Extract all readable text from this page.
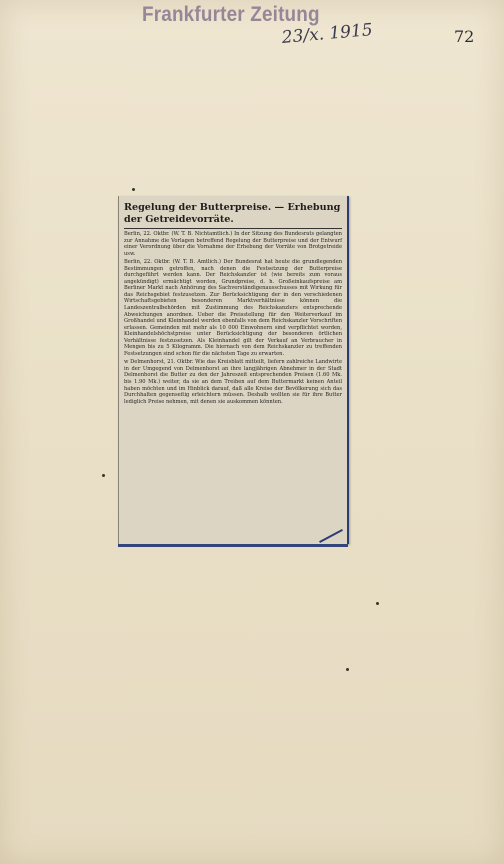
Frankfurter Zeitung
23/x. 1915	72
Regelung der Butterpreise. — Erhebung der Getreidevorräte.

Berlin, 22. Oktbr. (W. T. B. Nichtamtlich.) In der Sitzung des Bundesrats gelangten zur Annahme die Vorlagen betreffend Regelung der Butterpreise und der Entwurf einer Verordnung über die Vornahme der Erhebung der Vorräte von Brotgetreide usw.

Berlin, 22. Oktbr. (W. T. B. Amtlich.) Der Bundesrat hat heute die grundlegenden Bestimmungen getroffen, nach denen die Festsetzung der Butterpreise durchgeführt werden kann. Der Reichskanzler ist (wie bereits zum voraus angekündigt) ermächtigt worden, Grundpreise, d. h. Großeinkaufspreise am Berliner Markt nach Anhörung des Sachverständigenausschusses mit Wirkung für das Reichsgebiet festzusetzen. Zur Berücksichtigung der in den verschiedenen Wirtschaftsgebieten besonderen Marktverhältnisse können die Landeszentralbehörden mit Zustimmung des Reichskanzlers entsprechende Abweichungen anordnen. Ueber die Preisstellung für den Weiterverkauf im Großhandel und Kleinhandel werden ebenfalls von dem Reichskanzler Vorschriften erlassen. Gemeinden mit mehr als 10 000 Einwohnern sind verpflichtet worden, Kleinhandelshöchstpreise unter Berücksichtigung der besonderen örtlichen Verhältnisse festzusetzen. Als Kleinhandel gilt der Verkauf an Verbraucher in Mengen bis zu 5 Kilogramm. Die hiernach von dem Reichskanzler zu treffenden Festsetzungen sind schon für die nächsten Tage zu erwarten.

w Delmenhorst, 21. Oktbr. Wie das Kreisblatt mitteilt, liefern zahlreiche Landwirte in der Umgegend von Delmenhorst an ihre langjährigen Abnehmer in der Stadt Delmenhorst die Butter zu den der Jahreszeit entsprechenden Preisen (1.60 Mk. bis 1.90 Mk.) weiter, da sie an dem Treiben auf dem Buttermarkt keinen Anteil haben möchten und im Hinblick darauf, daß alle Kreise der Bevölkerung sich das Durchhalten gegenseitig erleichtern müssen. Deshalb wollten sie für ihre Butter lediglich Preise nehmen, mit denen sie auskommen könnten.
